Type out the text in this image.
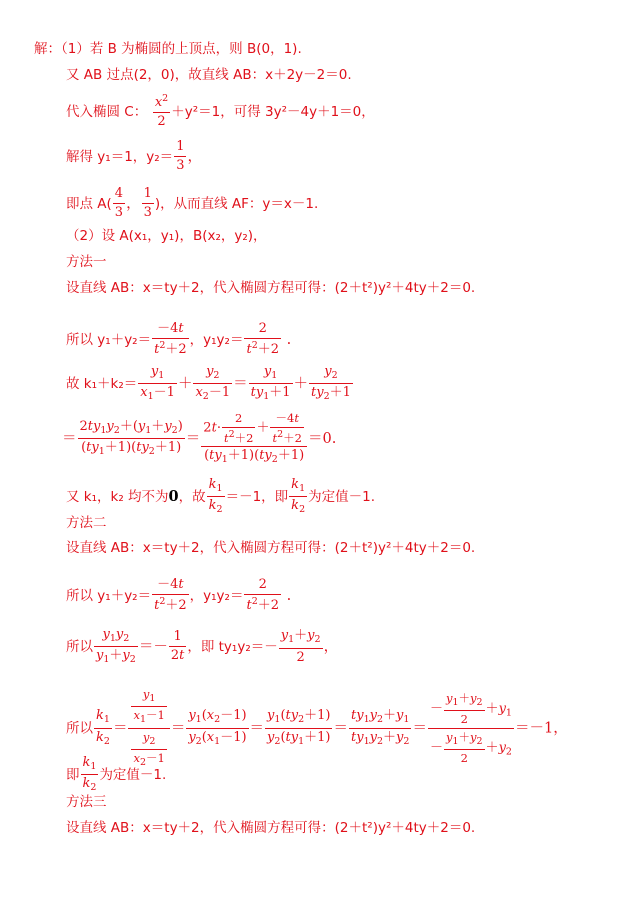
解：（1）若 B 为椭圆的上顶点，则 B(0，1).
又 AB 过点(2，0)，故直线 AB：x＋2y－2＝0.
代入椭圆 C： $\frac{x^2}{2} +y^2=1$，可得 3y²－4y＋1＝0，
解得 y₁＝1，$y_2= \frac{1}{3}$ ，
即点 $A( \frac{4}{3}$ ， $\frac{1}{3}$ )，从而直线 AF：y＝x－1.
（2）设 A(x₁，y₁)，B(x₂，y₂)，
方法一
设直线 AB：x＝ty＋2，代入椭圆方程可得：(2＋t²)y²＋4ty＋2＝0.
所以 $y_1+y_2= \frac{-4t}{t^2+2}$ ，$y_1y_2= \frac{2}{t^2+2}$ .
故 $k_1+k_2= \frac{y_1}{x_1-1} + \frac{y_2}{x_2-1} = \frac{y_1}{ty_1+1} + \frac{y_2}{ty_2+1}$
＝ $\frac{2ty_1y_2+(y_1+y_2)}{(ty_1+1)(ty_2+1)} = \frac{2t\cdot \frac{2}{t^2+2} + \frac{-4t}{t^2+2}}{(ty_1+1)(ty_2+1)} =0$.
又 k₁，k₂ 均不为0，故 $\frac{k_1}{k_2} =-1$，即 $\frac{k_1}{k_2}$ 为定值－1.
方法二
设直线 AB：x＝ty＋2，代入椭圆方程可得：(2＋t²)y²＋4ty＋2＝0.
所以 $y_1+y_2= \frac{-4t}{t^2+2}$ ，$y_1y_2= \frac{2}{t^2+2}$ .
所以 $\frac{y_1y_2}{y_1+y_2} =- \frac{1}{2t}$ ，即 $ty_1y_2=- \frac{y_1+y_2}{2}$ ，
所以 $\frac{k_1}{k_2} = \frac{\frac{y_1}{x_1-1}}{\frac{y_2}{x_2-1}} = \frac{y_1(x_2-1)}{y_2(x_1-1)} = \frac{y_1(ty_2+1)}{y_2(ty_1+1)} = \frac{ty_1y_2+y_1}{ty_1y_2+y_2} = \frac{- \frac{y_1+y_2}{2} +y_1}{- \frac{y_1+y_2}{2} +y_2} =-1$，
即 $\frac{k_1}{k_2}$ 为定值－1.
方法三
设直线 AB：x＝ty＋2，代入椭圆方程可得：(2＋t²)y²＋4ty＋2＝0.
